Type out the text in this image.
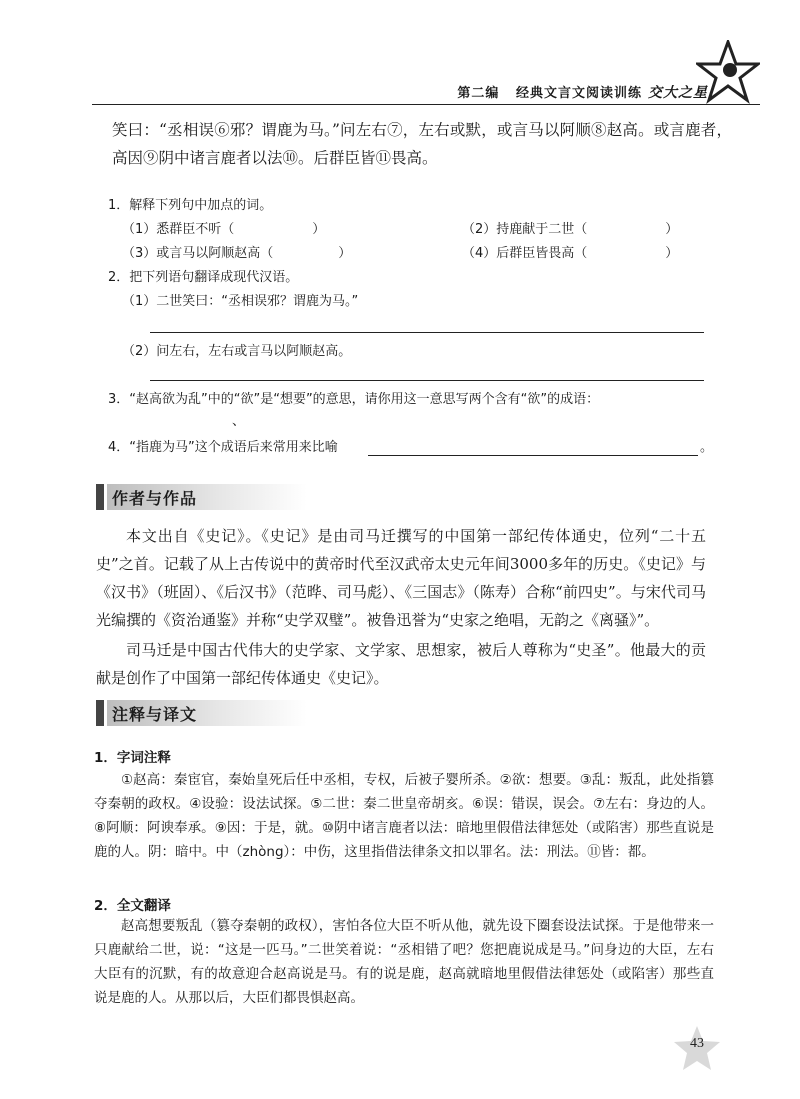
第二编 经典文言文阅读训练 交大之星

笑曰：“丞相误⑥邪？谓鹿为马。”问左右⑦，左右或默，或言马以阿顺⑧赵高。或言鹿者，高因⑨阴中诸言鹿者以法⑩。后群臣皆⑪畏高。

1．解释下列句中加点的词。
（1）悉群臣不听（　　　　　　）	（2）持鹿献于二世（　　　　　　）
（3）或言马以阿顺赵高（　　　　　）	（4）后群臣皆畏高（　　　　　　）
2．把下列语句翻译成现代汉语。
（1）二世笑曰：“丞相误邪？谓鹿为马。”
（2）问左右，左右或言马以阿顺赵高。
3．“赵高欲为乱”中的“欲”是“想要”的意思，请你用这一意思写两个含有“欲”的成语：
、
4．“指鹿为马”这个成语后来常用来比喻	。
作者与作品

本文出自《史记》。《史记》是由司马迁撰写的中国第一部纪传体通史，位列“二十五史”之首。记载了从上古传说中的黄帝时代至汉武帝太史元年间3000多年的历史。《史记》与《汉书》（班固）、《后汉书》（范晔、司马彪）、《三国志》（陈寿）合称“前四史”。与宋代司马光编撰的《资治通鉴》并称“史学双璧”。被鲁迅誉为“史家之绝唱，无韵之《离骚》”。

司马迁是中国古代伟大的史学家、文学家、思想家，被后人尊称为“史圣”。他最大的贡献是创作了中国第一部纪传体通史《史记》。

注释与译文
1．字词注释

①赵高：秦宦官，秦始皇死后任中丞相，专权，后被子婴所杀。②欲：想要。③乱：叛乱，此处指篡夺秦朝的政权。④设验：设法试探。⑤二世：秦二世皇帝胡亥。⑥误：错误，误会。⑦左右：身边的人。⑧阿顺：阿谀奉承。⑨因：于是，就。⑩阴中诸言鹿者以法：暗地里假借法律惩处（或陷害）那些直说是鹿的人。阴：暗中。中（zhòng）：中伤，这里指借法律条文扣以罪名。法：刑法。⑪皆：都。

2．全文翻译

赵高想要叛乱（篡夺秦朝的政权），害怕各位大臣不听从他，就先设下圈套设法试探。于是他带来一只鹿献给二世，说：“这是一匹马。”二世笑着说：“丞相错了吧？您把鹿说成是马。”问身边的大臣，左右大臣有的沉默，有的故意迎合赵高说是马。有的说是鹿，赵高就暗地里假借法律惩处（或陷害）那些直说是鹿的人。从那以后，大臣们都畏惧赵高。

43
